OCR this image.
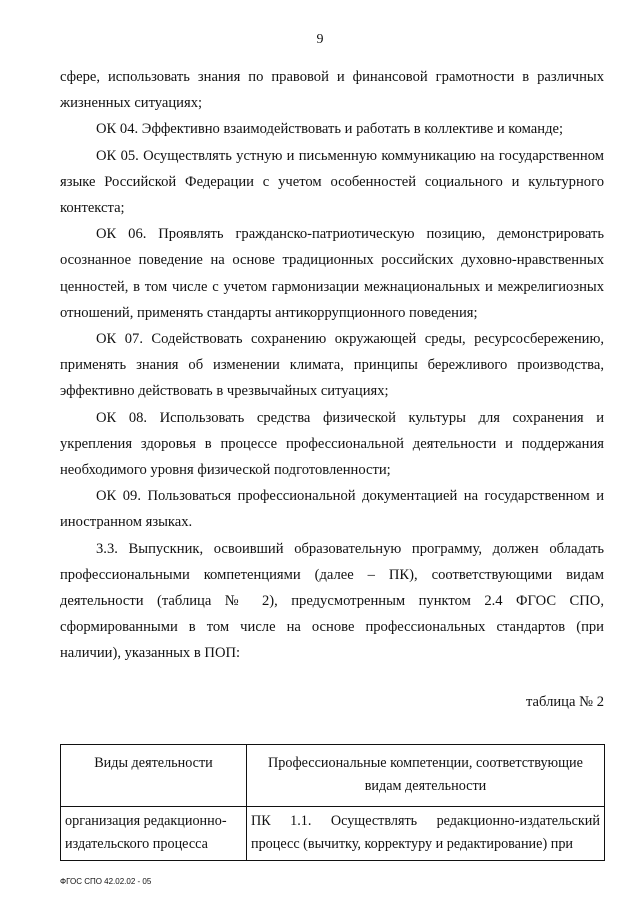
9

сфере, использовать знания по правовой и финансовой грамотности в различных жизненных ситуациях;

ОК 04. Эффективно взаимодействовать и работать в коллективе и команде;

ОК 05. Осуществлять устную и письменную коммуникацию на государственном языке Российской Федерации с учетом особенностей социального и культурного контекста;

ОК 06. Проявлять гражданско-патриотическую позицию, демонстрировать осознанное поведение на основе традиционных российских духовно-нравственных ценностей, в том числе с учетом гармонизации межнациональных и межрелигиозных отношений, применять стандарты антикоррупционного поведения;

ОК 07. Содействовать сохранению окружающей среды, ресурсосбережению, применять знания об изменении климата, принципы бережливого производства, эффективно действовать в чрезвычайных ситуациях;

ОК 08. Использовать средства физической культуры для сохранения и укрепления здоровья в процессе профессиональной деятельности и поддержания необходимого уровня физической подготовленности;

ОК 09. Пользоваться профессиональной документацией на государственном и иностранном языках.

3.3. Выпускник, освоивший образовательную программу, должен обладать профессиональными компетенциями (далее – ПК), соответствующими видам деятельности (таблица № 2), предусмотренным пунктом 2.4 ФГОС СПО, сформированными в том числе на основе профессиональных стандартов (при наличии), указанных в ПОП:

таблица № 2
Виды деятельности	Профессиональные компетенции, соответствующие видам деятельности
организация редакционно-издательского процесса	ПК 1.1. Осуществлять редакционно-издательский процесс (вычитку, корректуру и редактирование) при
ФГОС СПО 42.02.02 - 05
